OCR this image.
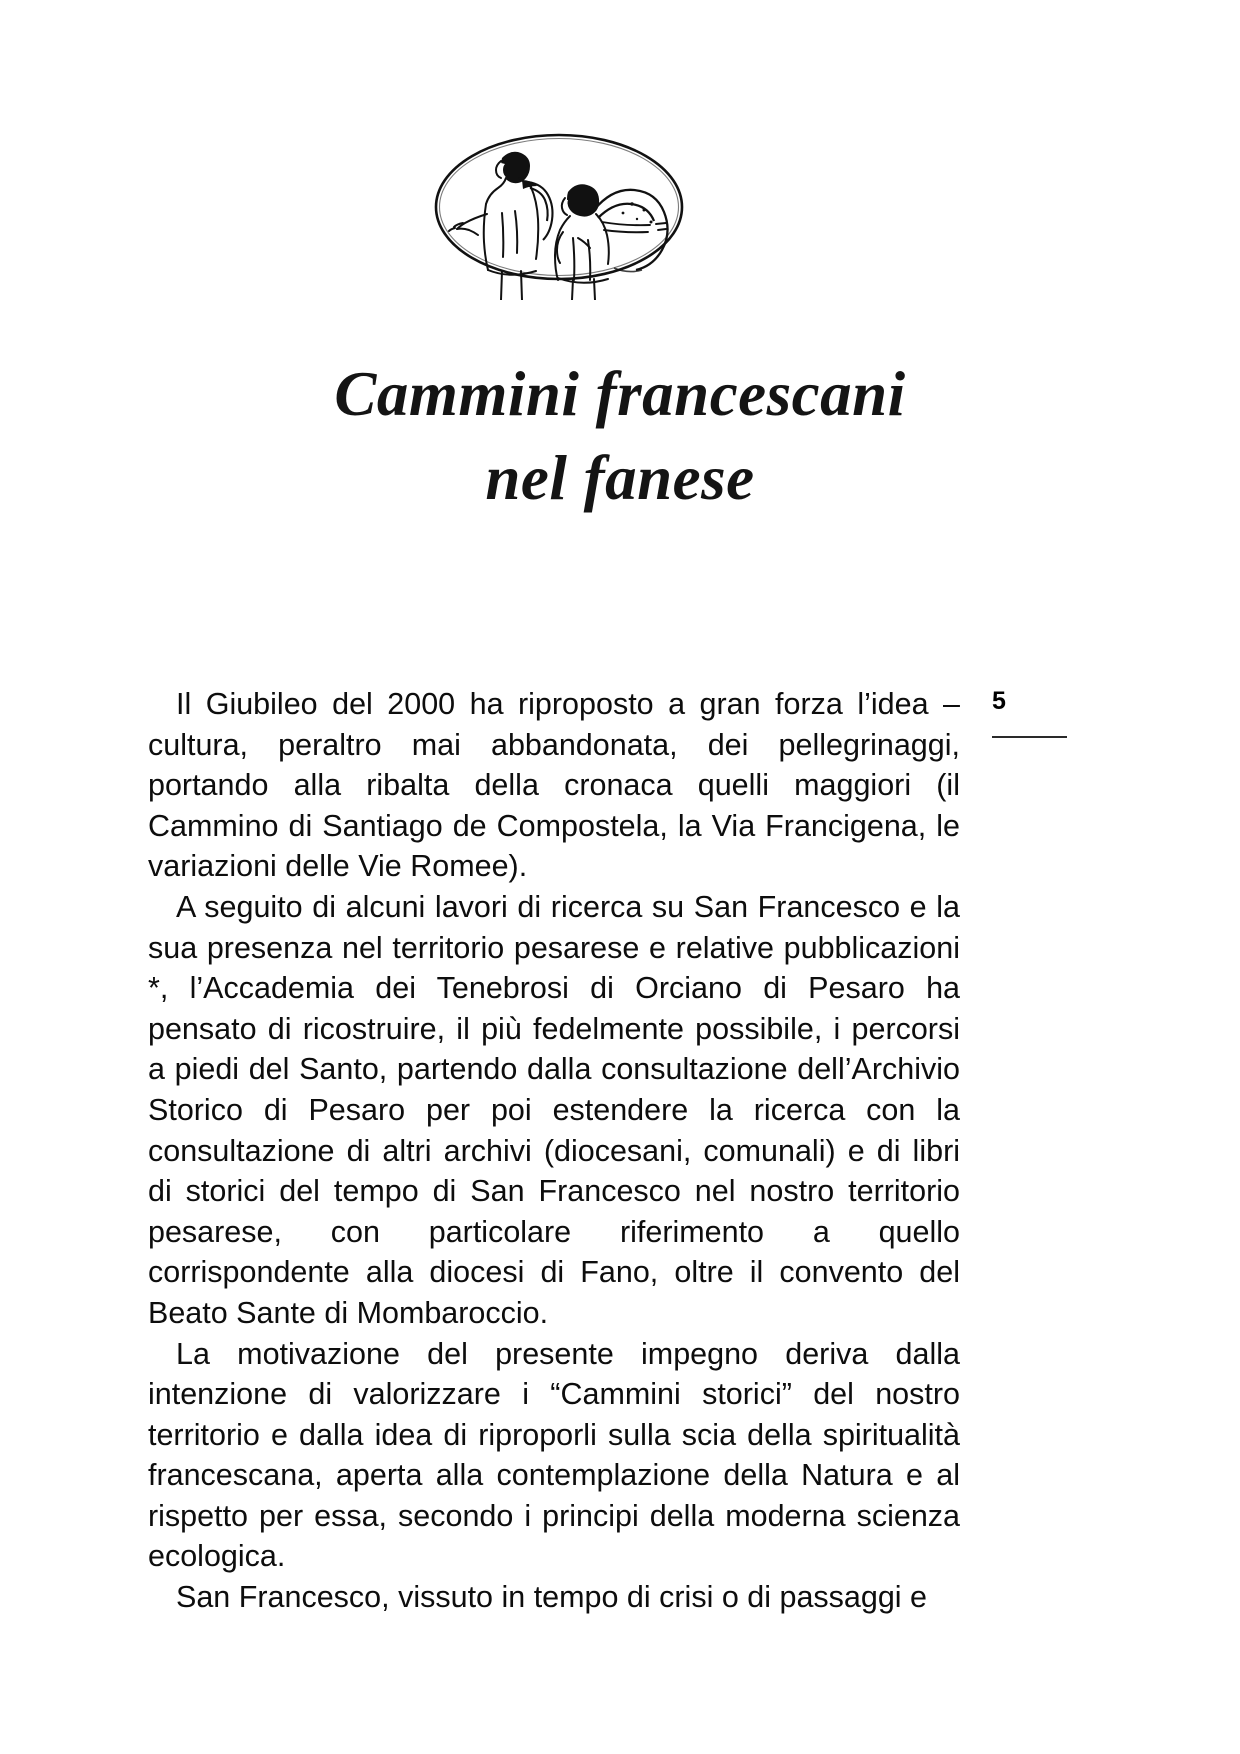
Cammini francescani
nel fanese
5

Il Giubileo del 2000 ha riproposto a gran forza l’idea – cultura, peraltro mai abbandonata, dei pellegrinaggi, portando alla ribalta della cronaca quelli maggiori (il Cammino di Santiago de Compostela, la Via Francigena, le variazioni delle Vie Romee).

A seguito di alcuni lavori di ricerca su San Francesco e la sua presenza nel territorio pesarese e relative pubblicazioni *, l’Accademia dei Tenebrosi di Orciano di Pesaro ha pensato di ricostruire, il più fedelmente possibile, i percorsi a piedi del Santo, partendo dalla consultazione dell’Archivio Storico di Pesaro per poi estendere la ricerca con la consultazione di altri archivi (diocesani, comunali) e di libri di storici del tempo di San Francesco nel nostro territorio pesarese, con particolare riferimento a quello corrispondente alla diocesi di Fano, oltre il convento del Beato Sante di Mombaroccio.

La motivazione del presente impegno deriva dalla intenzione di valorizzare i “Cammini storici” del nostro territorio e dalla idea di riproporli sulla scia della spiritualità francescana, aperta alla contemplazione della Natura e al rispetto per essa, secondo i principi della moderna scienza ecologica.

San Francesco, vissuto in tempo di crisi o di passaggi e
